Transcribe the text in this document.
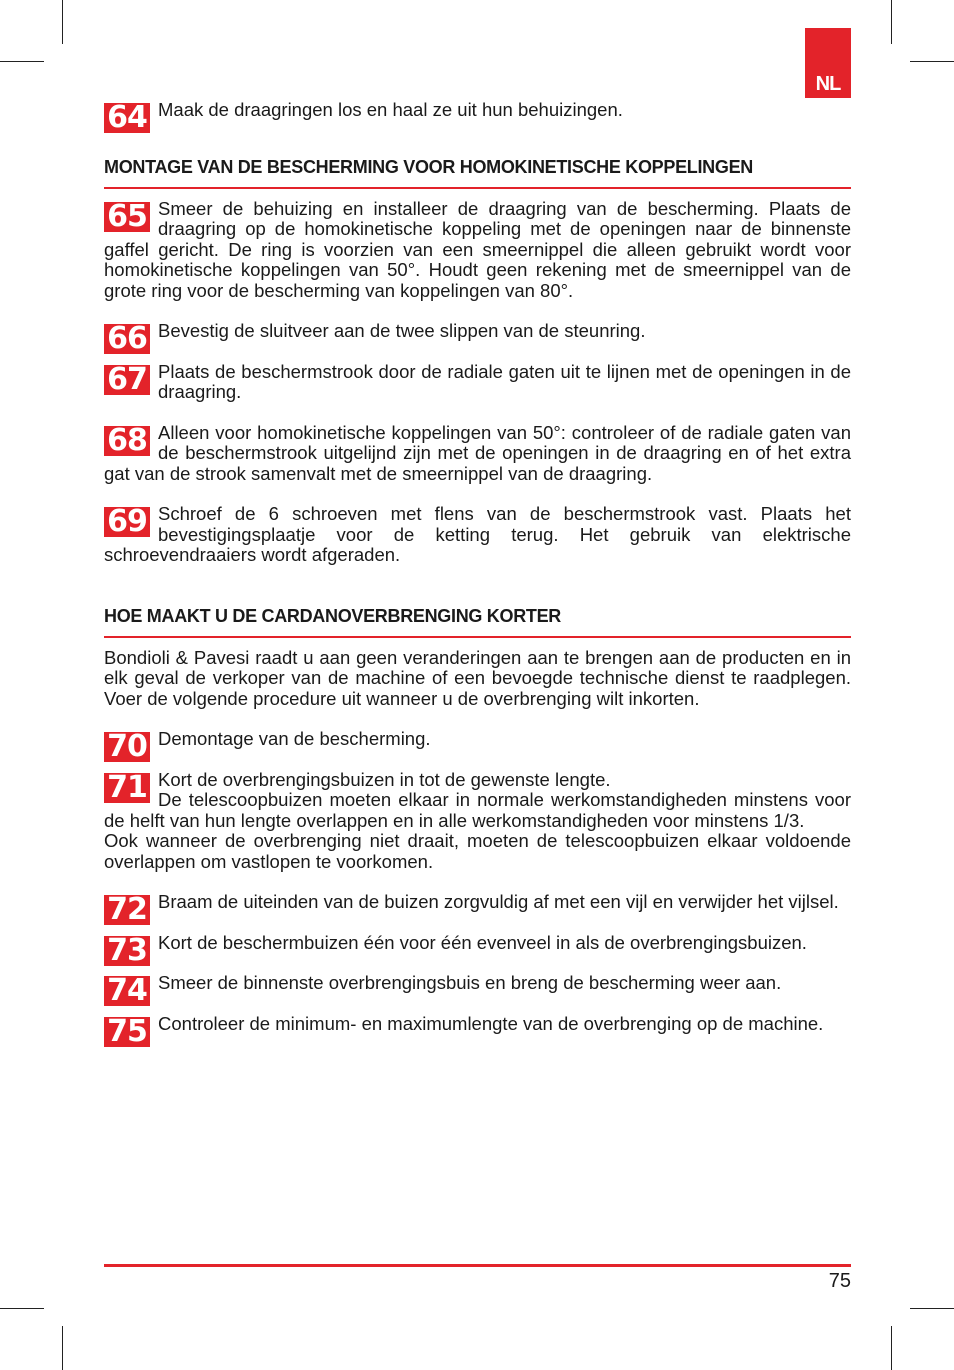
NL

64 Maak de draagringen los en haal ze uit hun behuizingen.

MONTAGE VAN DE BESCHERMING VOOR HOMOKINETISCHE KOPPELINGEN

65 Smeer de behuizing en installeer de draagring van de bescherming. Plaats de draagring op de homokinetische koppeling met de openingen naar de binnenste gaffel gericht. De ring is voorzien van een smeernippel die alleen gebruikt wordt voor homokinetische koppelingen van 50°. Houdt geen rekening met de smeernippel van de grote ring voor de bescherming van koppelingen van 80°.

66 Bevestig de sluitveer aan de twee slippen van de steunring.

67 Plaats de beschermstrook door de radiale gaten uit te lijnen met de openingen in de draagring.

68 Alleen voor homokinetische koppelingen van 50°: controleer of de radiale gaten van de beschermstrook uitgelijnd zijn met de openingen in de draagring en of het extra gat van de strook samenvalt met de smeernippel van de draagring.

69 Schroef de 6 schroeven met flens van de beschermstrook vast. Plaats het bevestigingsplaatje voor de ketting terug. Het gebruik van elektrische schroevendraaiers wordt afgeraden.

HOE MAAKT U DE CARDANOVERBRENGING KORTER

Bondioli & Pavesi raadt u aan geen veranderingen aan te brengen aan de producten en in elk geval de verkoper van de machine of een bevoegde technische dienst te raadplegen. Voer de volgende procedure uit wanneer u de overbrenging wilt inkorten.

70 Demontage van de bescherming.

71 Kort de overbrengingsbuizen in tot de gewenste lengte.
De telescoopbuizen moeten elkaar in normale werkomstandigheden minstens voor de helft van hun lengte overlappen en in alle werkomstandigheden voor minstens 1/3.

Ook wanneer de overbrenging niet draait, moeten de telescoopbuizen elkaar voldoende overlappen om vastlopen te voorkomen.

72 Braam de uiteinden van de buizen zorgvuldig af met een vijl en verwijder het vijlsel.

73 Kort de beschermbuizen één voor één evenveel in als de overbrengingsbuizen.

74 Smeer de binnenste overbrengingsbuis en breng de bescherming weer aan.

75 Controleer de minimum- en maximumlengte van de overbrenging op de machine.

75
